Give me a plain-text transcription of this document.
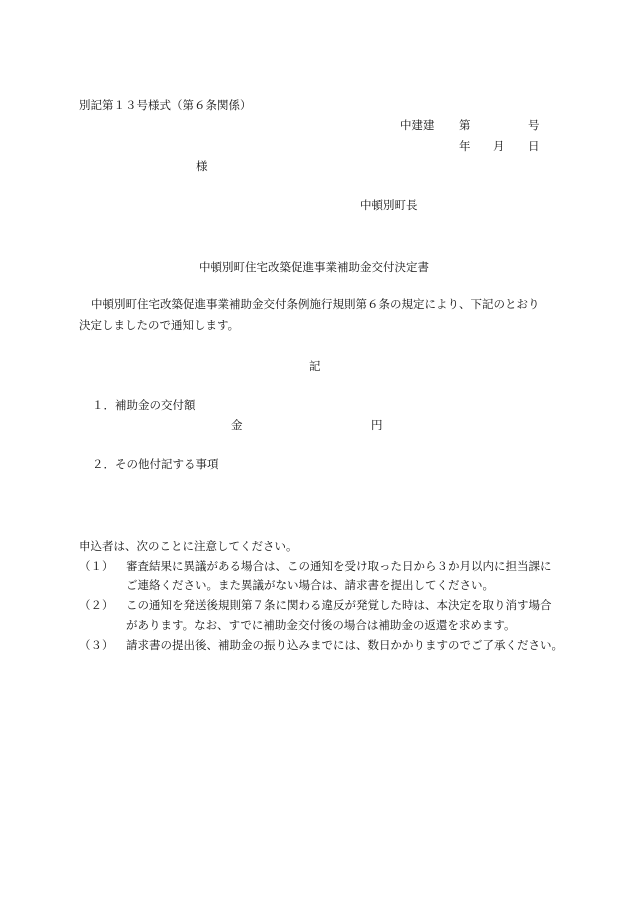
別記第１３号様式（第６条関係）
中建建 第	号
年 月 日
様
中頓別町長
中頓別町住宅改築促進事業補助金交付決定書
中頓別町住宅改築促進事業補助金交付条例施行規則第６条の規定により、下記のとおり
決定しましたので通知します。
記
１．補助金の交付額
金	円
２．その他付記する事項
申込者は、次のことに注意してください。
（１） 審査結果に異議がある場合は、この通知を受け取った日から３か月以内に担当課に
ご連絡ください。また異議がない場合は、請求書を提出してください。
（２） この通知を発送後規則第７条に関わる違反が発覚した時は、本決定を取り消す場合
があります。なお、すでに補助金交付後の場合は補助金の返還を求めます。
（３） 請求書の提出後、補助金の振り込みまでには、数日かかりますのでご了承ください。
